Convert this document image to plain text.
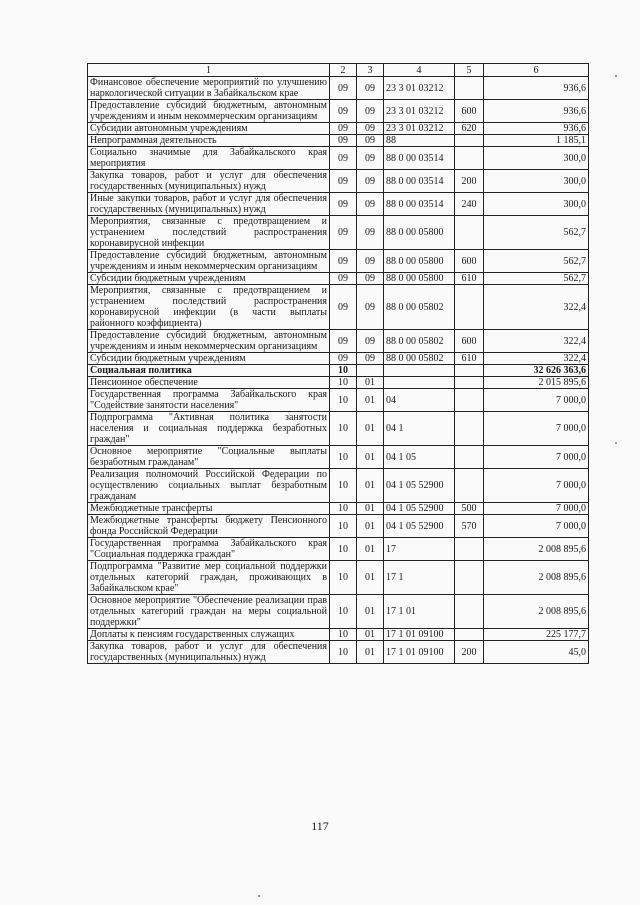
1	2	3	4	5	6
Финансовое обеспечение мероприятий по улучшению наркологической ситуации в Забайкальском крае	09	09	23 3 01 03212		936,6
Предоставление субсидий бюджетным, автономным учреждениям и иным некоммерческим организациям	09	09	23 3 01 03212	600	936,6
Субсидии автономным учреждениям	09	09	23 3 01 03212	620	936,6
Непрограммная деятельность	09	09	88		1 185,1
Социально значимые для Забайкальского края мероприятия	09	09	88 0 00 03514		300,0
Закупка товаров, работ и услуг для обеспечения государственных (муниципальных) нужд	09	09	88 0 00 03514	200	300,0
Иные закупки товаров, работ и услуг для обеспечения государственных (муниципальных) нужд	09	09	88 0 00 03514	240	300,0
Мероприятия, связанные с предотвращением и устранением последствий распространения коронавирусной инфекции	09	09	88 0 00 05800		562,7
Предоставление субсидий бюджетным, автономным учреждениям и иным некоммерческим организациям	09	09	88 0 00 05800	600	562,7
Субсидии бюджетным учреждениям	09	09	88 0 00 05800	610	562,7
Мероприятия, связанные с предотвращением и устранением последствий распространения коронавирусной инфекции (в части выплаты районного коэффициента)	09	09	88 0 00 05802		322,4
Предоставление субсидий бюджетным, автономным учреждениям и иным некоммерческим организациям	09	09	88 0 00 05802	600	322,4
Субсидии бюджетным учреждениям	09	09	88 0 00 05802	610	322,4
Социальная политика	10				32 626 363,6
Пенсионное обеспечение	10	01			2 015 895,6
Государственная программа Забайкальского края "Содействие занятости населения"	10	01	04		7 000,0
Подпрограмма "Активная политика занятости населения и социальная поддержка безработных граждан"	10	01	04 1		7 000,0
Основное мероприятие "Социальные выплаты безработным гражданам"	10	01	04 1 05		7 000,0
Реализация полномочий Российской Федерации по осуществлению социальных выплат безработным гражданам	10	01	04 1 05 52900		7 000,0
Межбюджетные трансферты	10	01	04 1 05 52900	500	7 000,0
Межбюджетные трансферты бюджету Пенсионного фонда Российской Федерации	10	01	04 1 05 52900	570	7 000,0
Государственная программа Забайкальского края "Социальная поддержка граждан"	10	01	17		2 008 895,6
Подпрограмма "Развитие мер социальной поддержки отдельных категорий граждан, проживающих в Забайкальском крае"	10	01	17 1		2 008 895,6
Основное мероприятие "Обеспечение реализации прав отдельных категорий граждан на меры социальной поддержки"	10	01	17 1 01		2 008 895,6
Доплаты к пенсиям государственных служащих	10	01	17 1 01 09100		225 177,7
Закупка товаров, работ и услуг для обеспечения государственных (муниципальных) нужд	10	01	17 1 01 09100	200	45,0
117
